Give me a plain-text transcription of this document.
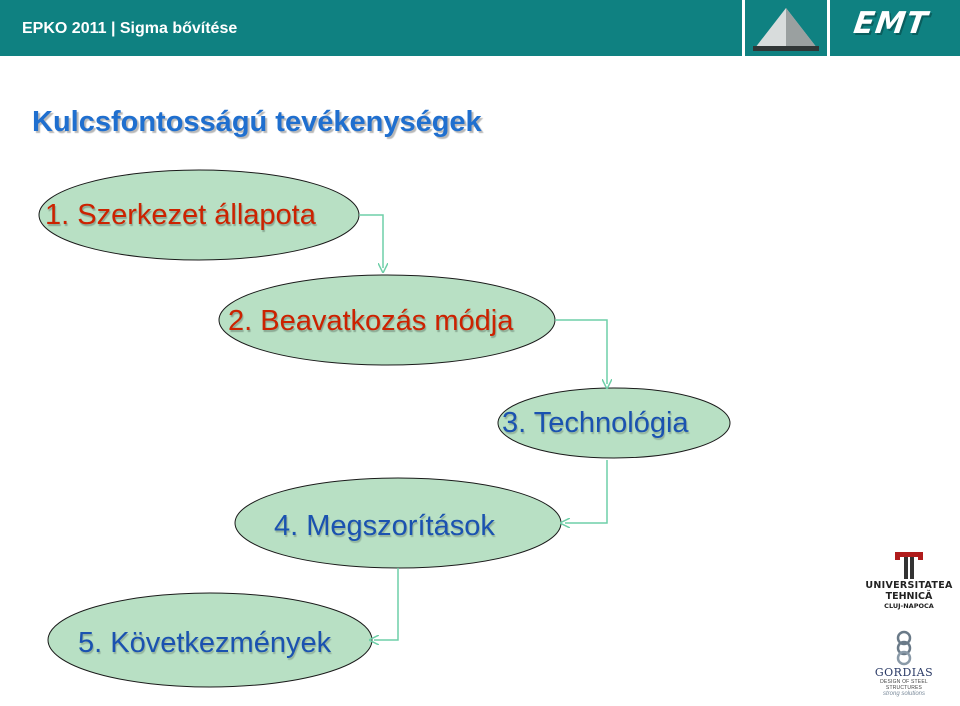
EPKO 2011 | Sigma bővítése	EMT
Kulcsfontosságú tevékenységek
1. Szerkezet állapota
2. Beavatkozás módja
3. Technológia
4. Megszorítások
5. Következmények
UNIVERSITATEA
TEHNICĂ
CLUJ-NAPOCA
GORDIAS
DESIGN OF STEEL STRUCTURES
strong solutions
